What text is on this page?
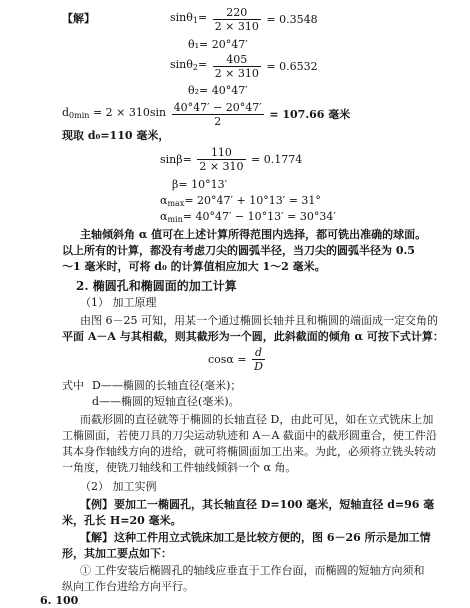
【解】	$\sin\theta_1= \frac{220}{2 \times 310} = 0.3548$
θ₁= 20°47′
$\sin\theta_2= \frac{405}{2 \times 310} = 0.6532$
θ₂= 40°47′
$d_{0min} = 2 \times 310\sin \frac{40^\circ 47' - 20^\circ 47'}{2} = 107.66$ 毫米
现取 d₀=110 毫米，
$\sin\beta= \frac{110}{2 \times 310} = 0.1774$
β= 10°13′
$\alpha_{max}= 20^\circ 47' + 10^\circ 13' = 31^\circ$
$\alpha_{min}= 40^\circ 47' - 10^\circ 13' = 30^\circ 34'$
主轴倾斜角 α 值可在上述计算所得范围内选择，都可铣出准确的球面。
以上所有的计算，都没有考虑刀尖的圆弧半径，当刀尖的圆弧半径为 0.5
～1 毫米时，可将 d₀ 的计算值相应加大 1～2 毫米。
2. 椭圆孔和椭圆面的加工计算
（1） 加工原理
由图 6－25 可知，用某一个通过椭圆长轴并且和椭圆的端面成一定交角的
平面 A－A 与其相截，则其截形为一个圆，此斜截面的倾角 α 可按下式计算：
$\cos\alpha = \frac{d}{D}$
式中 D——椭圆的长轴直径(毫米)；
d——椭圆的短轴直径(毫米)。
而截形圆的直径就等于椭圆的长轴直径 D，由此可见，如在立式铣床上加
工椭圆面，若使刀具的刀尖运动轨迹和 A－A 截面中的截形圆重合，使工件沿
其本身作轴线方向的进给，就可将椭圆面加工出来。为此，必须将立铣头转动
一角度，使铣刀轴线和工件轴线倾斜一个 α 角。
（2） 加工实例
【例】 要加工一椭圆孔，其长轴直径 D=100 毫米，短轴直径 d=96 毫
米，孔长 H=20 毫米。
【解】 这种工件用立式铣床加工是比较方便的，图 6－26 所示是加工情
形，其加工要点如下：
① 工件安装后椭圆孔的轴线应垂直于工作台面，而椭圆的短轴方向须和
纵向工作台进给方向平行。
6. 100
